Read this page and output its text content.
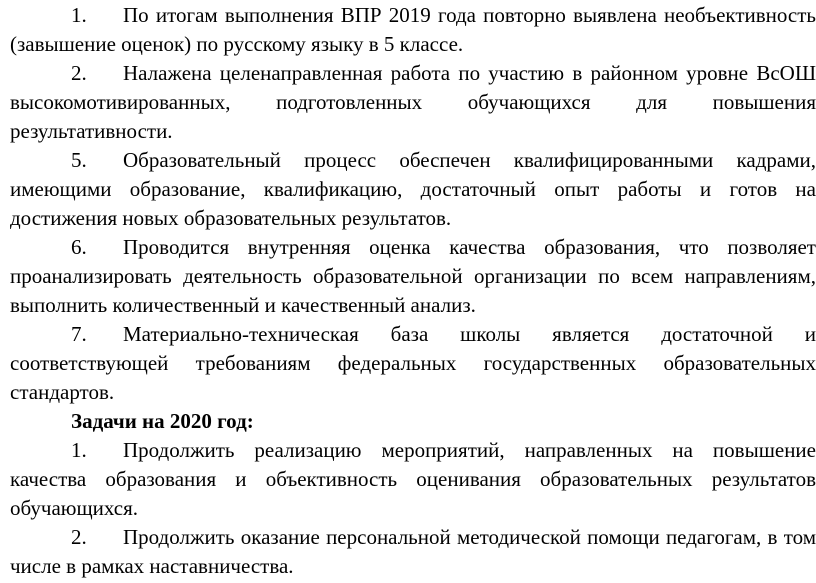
1. По итогам выполнения ВПР 2019 года повторно выявлена необъективность (завышение оценок) по русскому языку в 5 классе.

2. Налажена целенаправленная работа по участию в районном уровне ВсОШ высокомотивированных, подготовленных обучающихся для повышения результативности.

5. Образовательный процесс обеспечен квалифицированными кадрами, имеющими образование, квалификацию, достаточный опыт работы и готов на достижения новых образовательных результатов.

6. Проводится внутренняя оценка качества образования, что позволяет проанализировать деятельность образовательной организации по всем направлениям, выполнить количественный и качественный анализ.

7. Материально-техническая база школы является достаточной и соответствующей требованиям федеральных государственных образовательных стандартов.

Задачи на 2020 год:

1. Продолжить реализацию мероприятий, направленных на повышение качества образования и объективность оценивания образовательных результатов обучающихся.

2. Продолжить оказание персональной методической помощи педагогам, в том числе в рамках наставничества.
